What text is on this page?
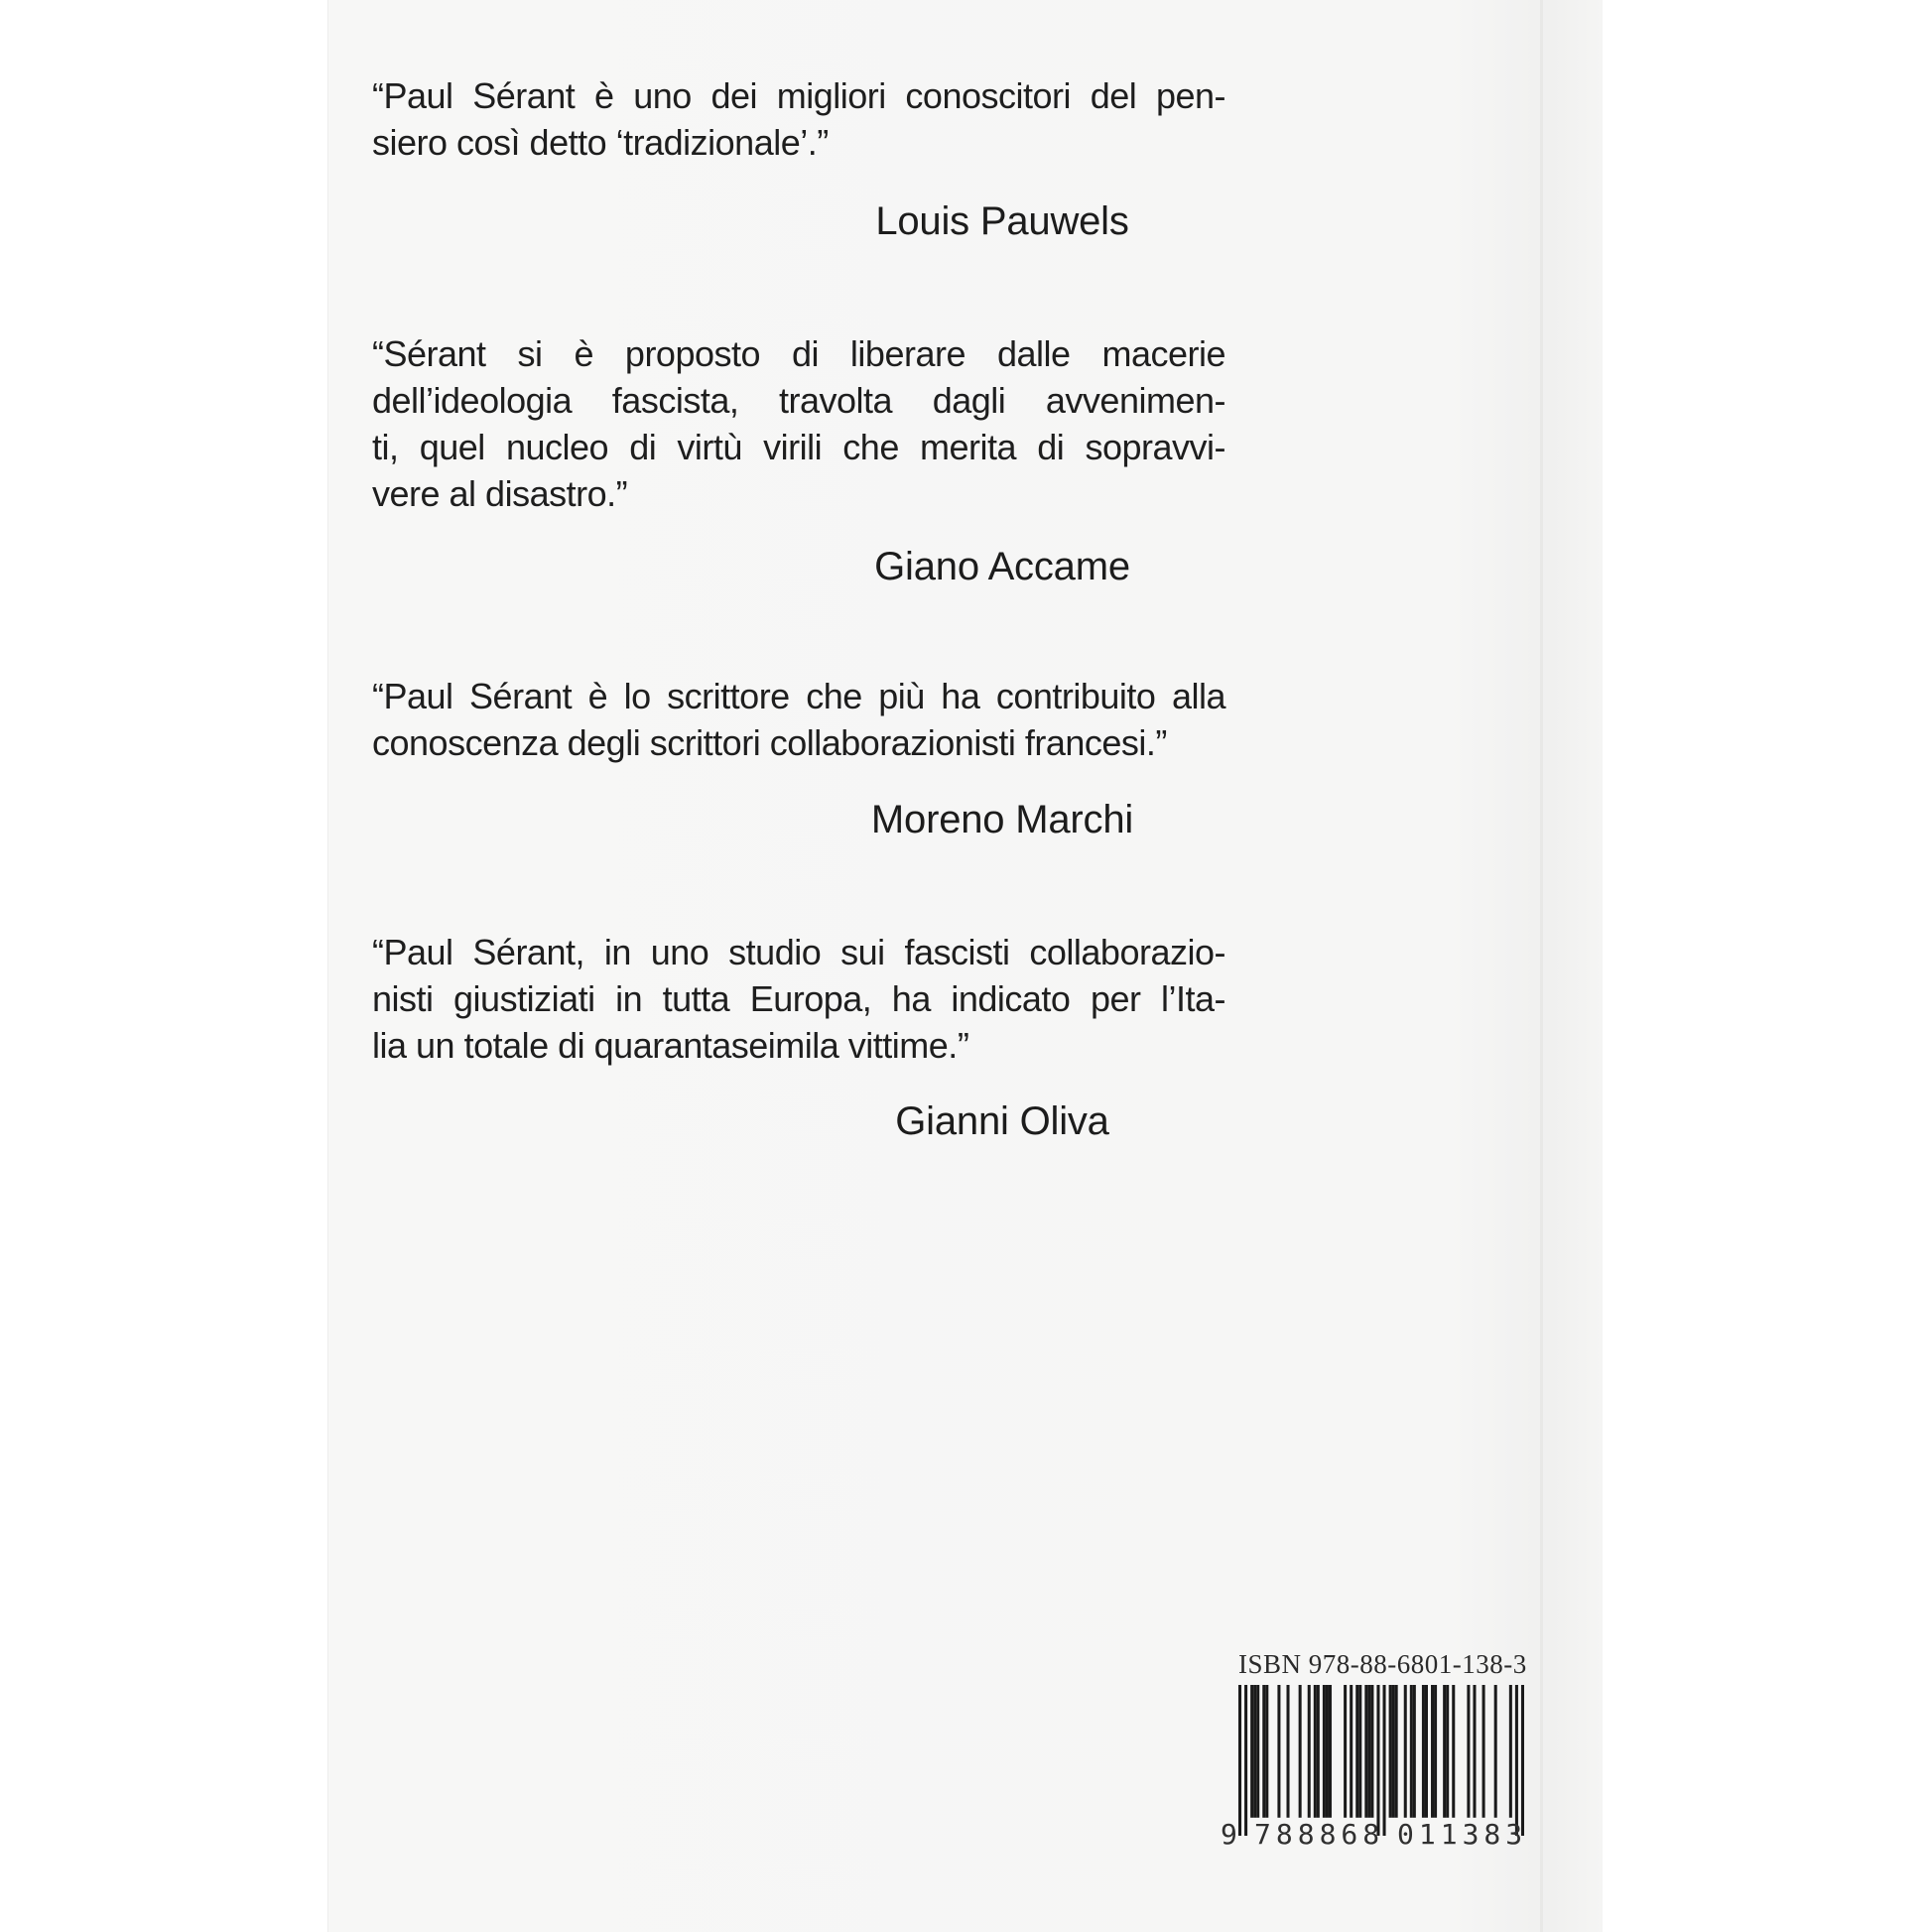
“Paul Sérant è uno dei migliori conoscitori del pen-
siero così detto ‘tradizionale’.”
Louis Pauwels
“Sérant si è proposto di liberare dalle macerie
dell’ideologia fascista, travolta dagli avvenimen-
ti, quel nucleo di virtù virili che merita di sopravvi-
vere al disastro.”
Giano Accame
“Paul Sérant è lo scrittore che più ha contribuito alla
conoscenza degli scrittori collaborazionisti francesi.”
Moreno Marchi
“Paul Sérant, in uno studio sui fascisti collaborazio-
nisti giustiziati in tutta Europa, ha indicato per l’Ita-
lia un totale di quarantaseimila vittime.”
Gianni Oliva
ISBN 978-88-6801-138-3
9 788868 011383
